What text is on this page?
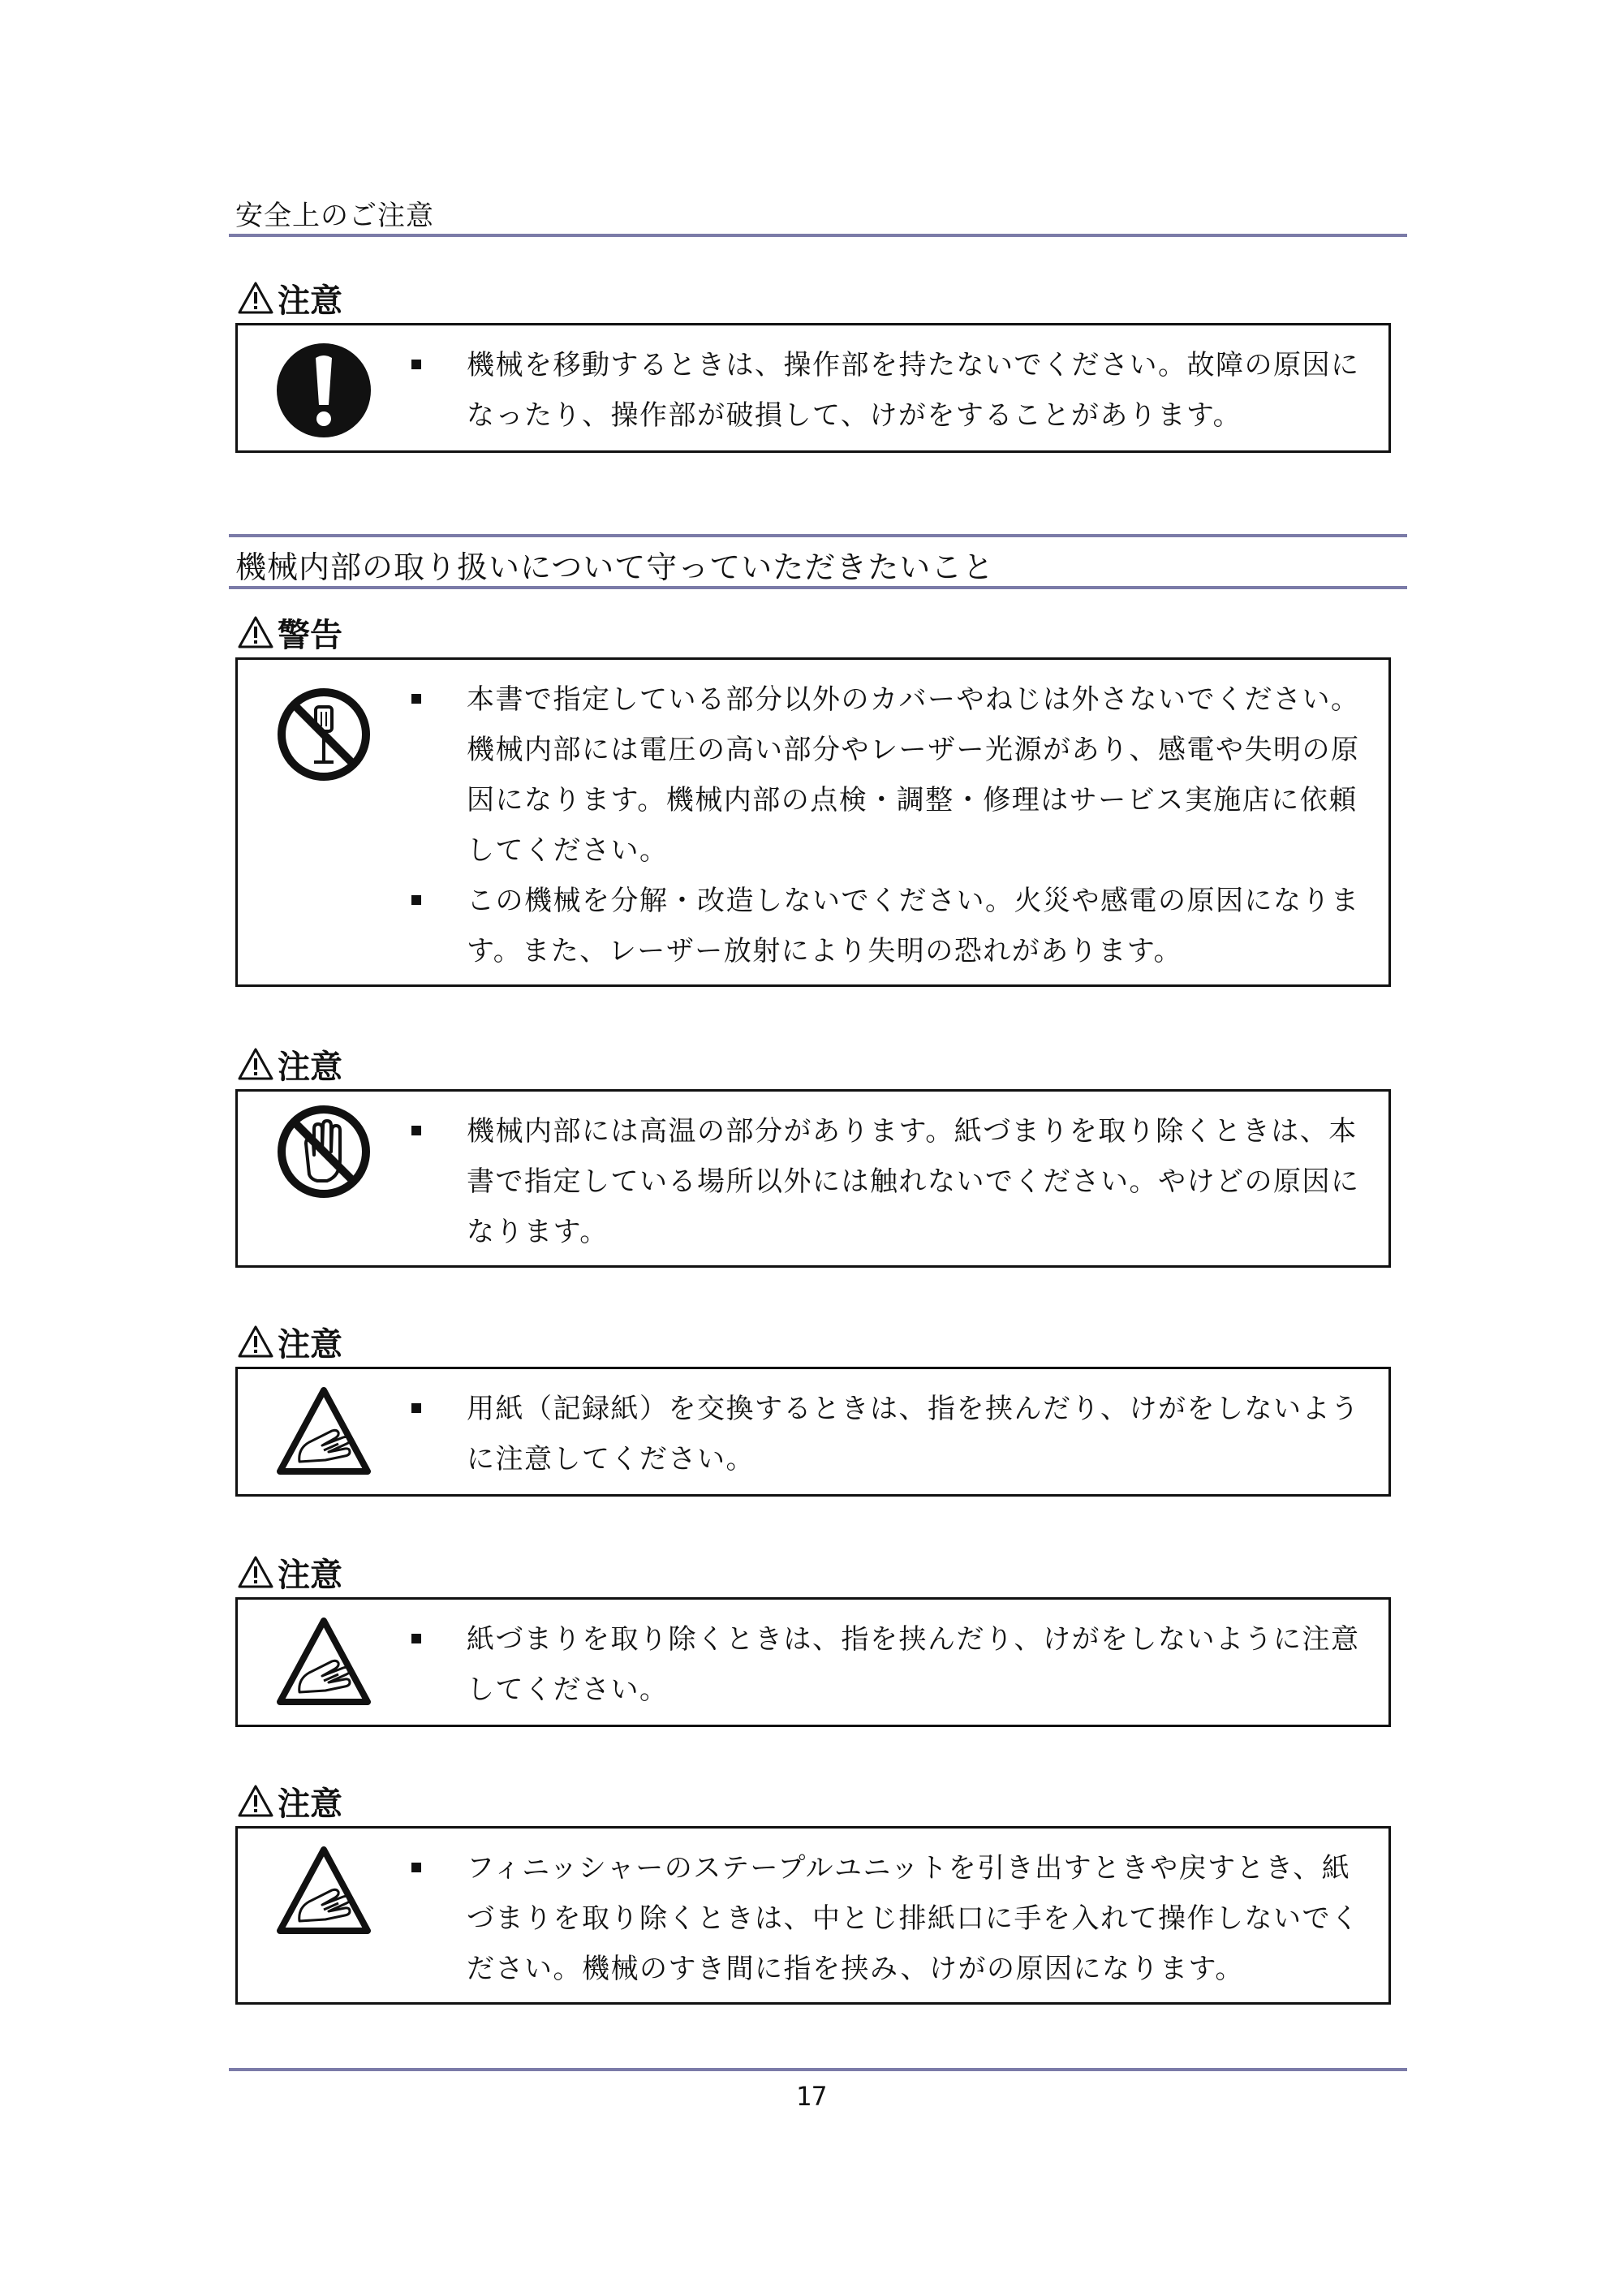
安全上のご注意
注意
機械を移動するときは、操作部を持たないでください。故障の原因になったり、操作部が破損して、けがをすることがあります。
機械内部の取り扱いについて守っていただきたいこと
警告
本書で指定している部分以外のカバーやねじは外さないでください。機械内部には電圧の高い部分やレーザー光源があり、感電や失明の原因になります。機械内部の点検・調整・修理はサービス実施店に依頼してください。
この機械を分解・改造しないでください。火災や感電の原因になります。また、レーザー放射により失明の恐れがあります。
注意
機械内部には高温の部分があります。紙づまりを取り除くときは、本書で指定している場所以外には触れないでください。やけどの原因になります。
注意
用紙（記録紙）を交換するときは、指を挟んだり、けがをしないように注意してください。
注意
紙づまりを取り除くときは、指を挟んだり、けがをしないように注意してください。
注意
フィニッシャーのステープルユニットを引き出すときや戻すとき、紙づまりを取り除くときは、中とじ排紙口に手を入れて操作しないでください。機械のすき間に指を挟み、けがの原因になります。
17
